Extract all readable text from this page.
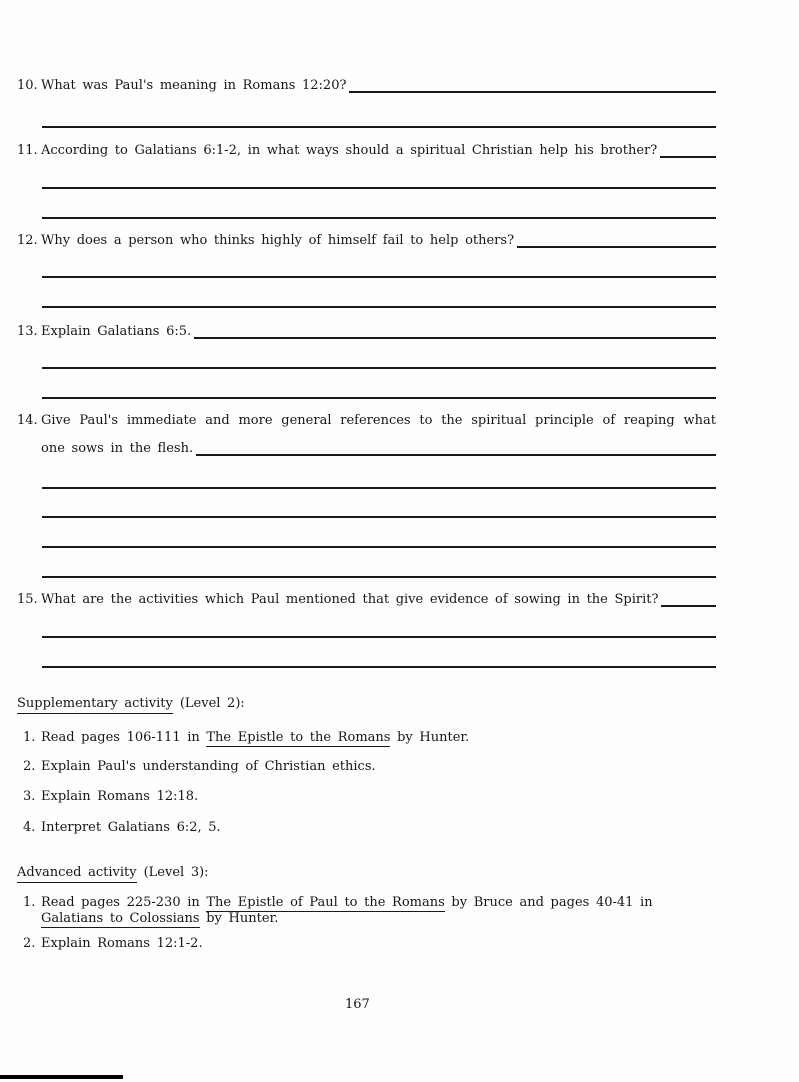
10. What was Paul's meaning in Romans 12:20?
11. According to Galatians 6:1-2, in what ways should a spiritual Christian help his brother?
12. Why does a person who thinks highly of himself fail to help others?
13. Explain Galatians 6:5.
14. Give Paul's immediate and more general references to the spiritual principle of reaping what
one sows in the flesh.
15. What are the activities which Paul mentioned that give evidence of sowing in the Spirit?
Supplementary activity (Level 2):
1. Read pages 106-111 in The Epistle to the Romans by Hunter.
2. Explain Paul's understanding of Christian ethics.
3. Explain Romans 12:18.
4. Interpret Galatians 6:2, 5.
Advanced activity (Level 3):
1. Read pages 225-230 in The Epistle of Paul to the Romans by Bruce and pages 40-41 in
Galatians to Colossians by Hunter.
2. Explain Romans 12:1-2.
167
